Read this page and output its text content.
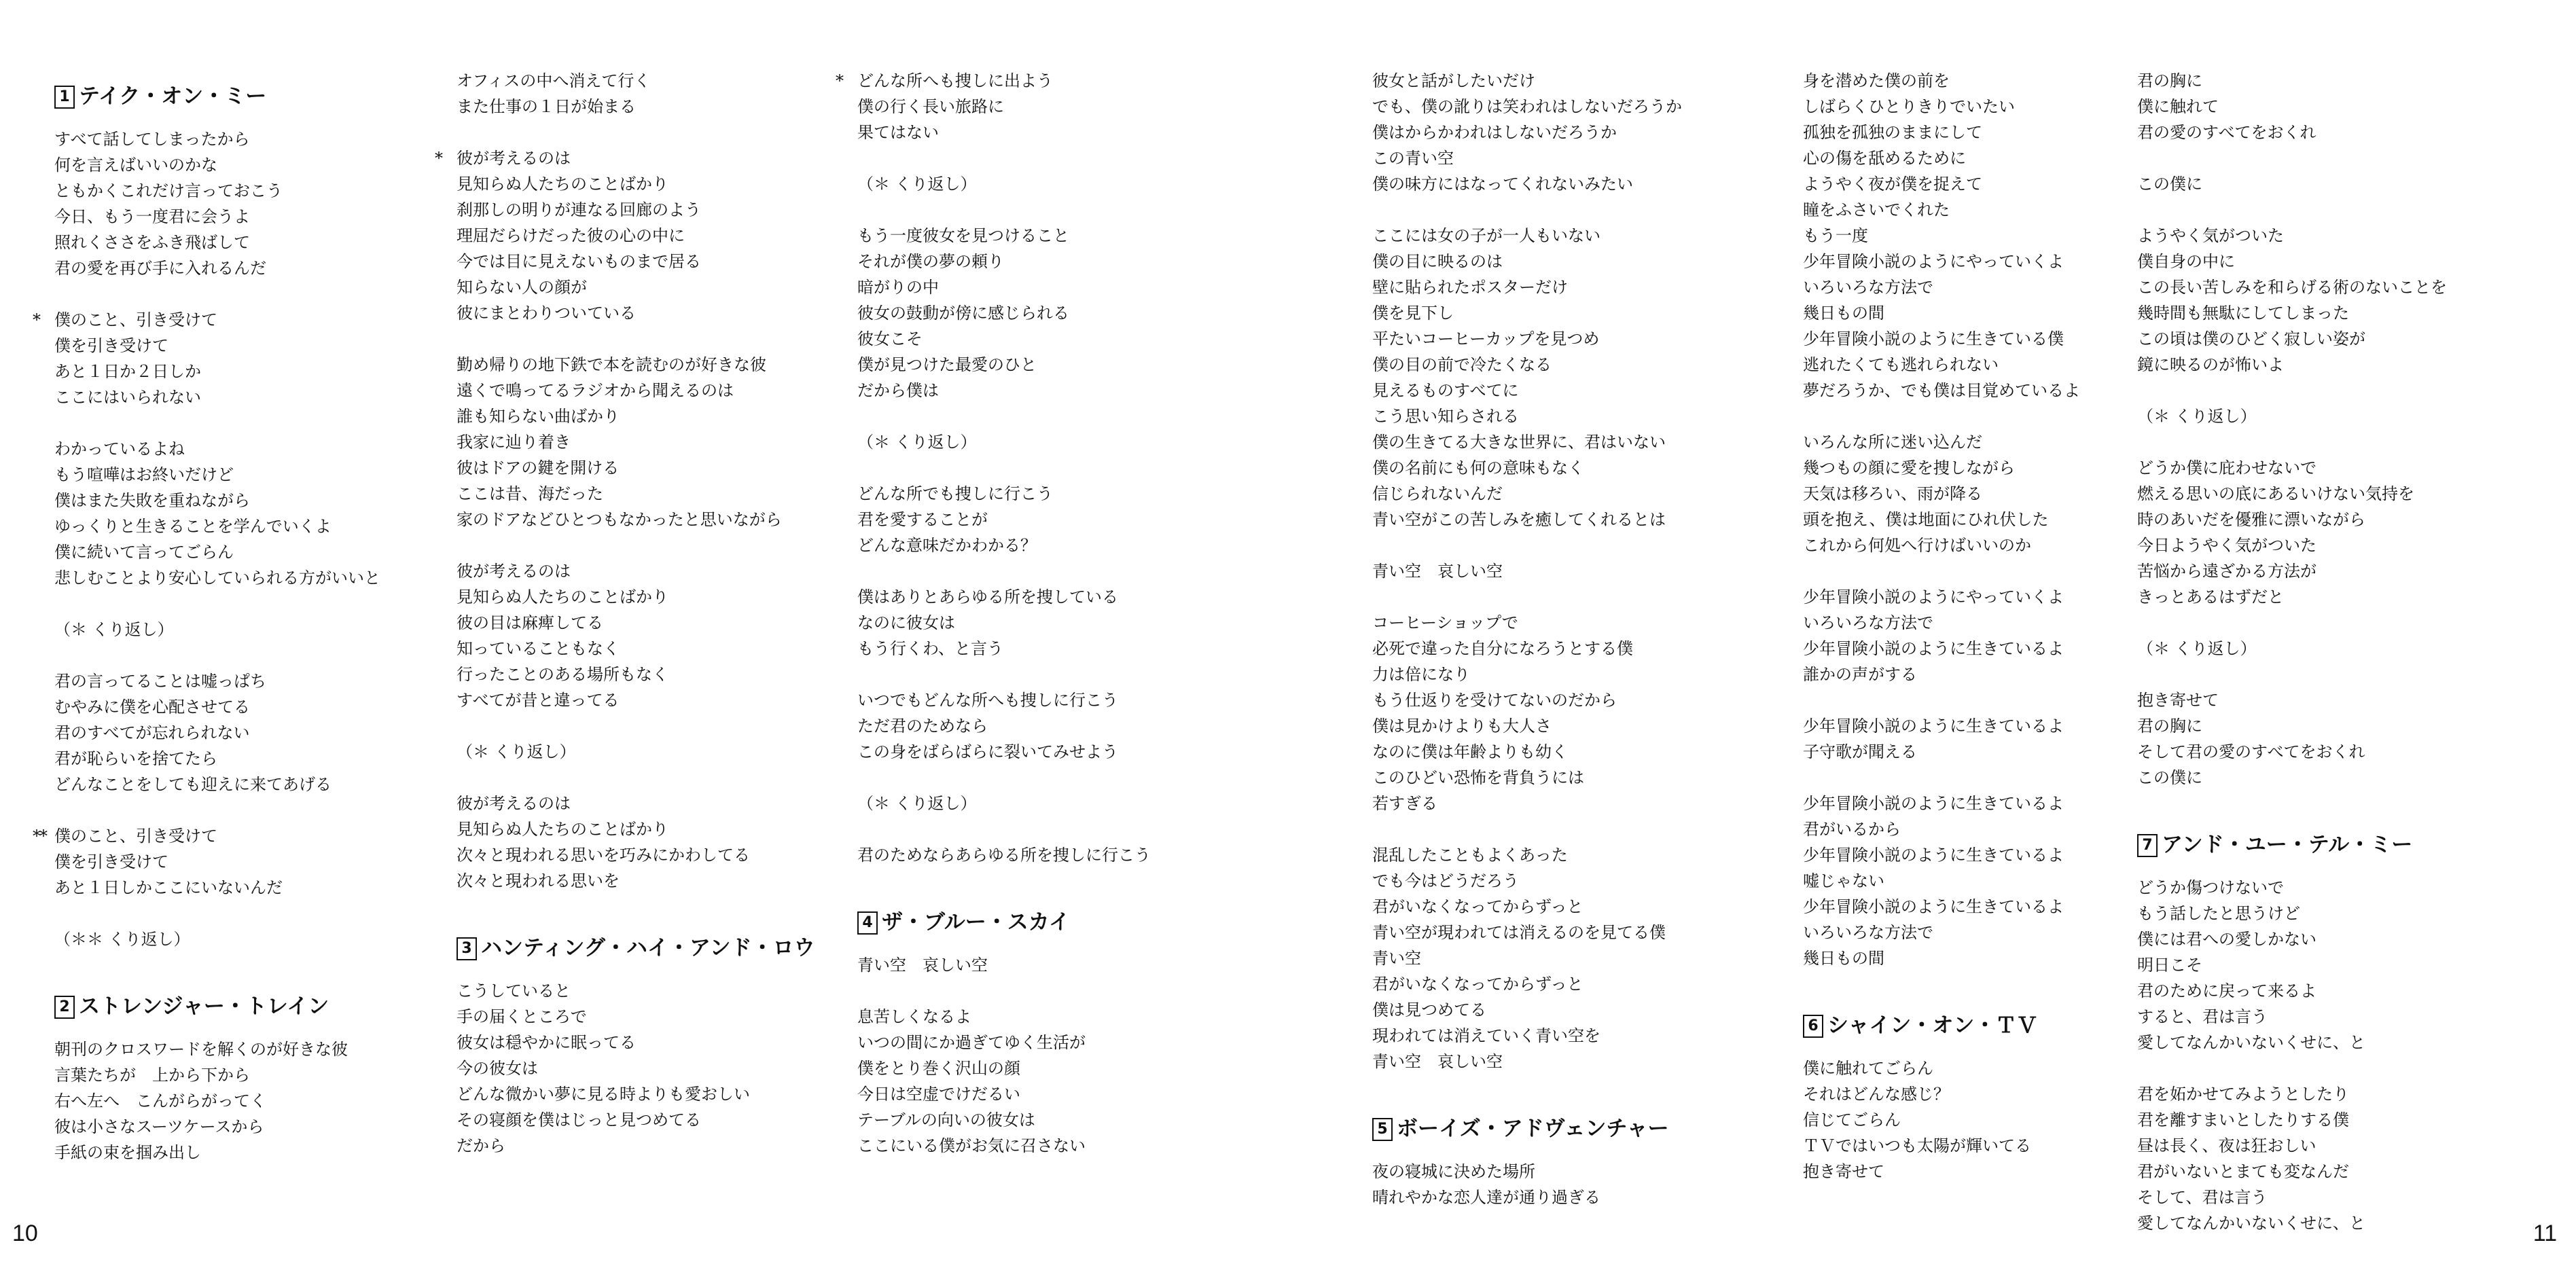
1 テイク・オン・ミー
すべて話してしまったから
何を言えばいいのかな
ともかくこれだけ言っておこう
今日、もう一度君に会うよ
照れくささをふき飛ばして
君の愛を再び手に入れるんだ
* 僕のこと、引き受けて
僕を引き受けて
あと１日か２日しか
ここにはいられない
わかっているよね
もう喧嘩はお終いだけど
僕はまた失敗を重ねながら
ゆっくりと生きることを学んでいくよ
僕に続いて言ってごらん
悲しむことより安心していられる方がいいと
（＊ くり返し）
君の言ってることは嘘っぱち
むやみに僕を心配させてる
君のすべてが忘れられない
君が恥らいを捨てたら
どんなことをしても迎えに来てあげる
** 僕のこと、引き受けて
僕を引き受けて
あと１日しかここにいないんだ
（＊＊ くり返し）
2 ストレンジャー・トレイン
朝刊のクロスワードを解くのが好きな彼
言葉たちが　上から下から
右へ左へ　こんがらがってく
彼は小さなスーツケースから
手紙の束を掴み出し
オフィスの中へ消えて行く
また仕事の１日が始まる
* 彼が考えるのは
見知らぬ人たちのことばかり
刹那しの明りが連なる回廊のよう
理屈だらけだった彼の心の中に
今では目に見えないものまで居る
知らない人の顔が
彼にまとわりついている
勤め帰りの地下鉄で本を読むのが好きな彼
遠くで鳴ってるラジオから聞えるのは
誰も知らない曲ばかり
我家に辿り着き
彼はドアの鍵を開ける
ここは昔、海だった
家のドアなどひとつもなかったと思いながら
彼が考えるのは
見知らぬ人たちのことばかり
彼の目は麻痺してる
知っていることもなく
行ったことのある場所もなく
すべてが昔と違ってる
（＊ くり返し）
彼が考えるのは
見知らぬ人たちのことばかり
次々と現われる思いを巧みにかわしてる
次々と現われる思いを
3 ハンティング・ハイ・アンド・ロウ
こうしていると
手の届くところで
彼女は穏やかに眠ってる
今の彼女は
どんな微かい夢に見る時よりも愛おしい
その寝顔を僕はじっと見つめてる
だから
* どんな所へも捜しに出よう
僕の行く長い旅路に
果てはない
（＊ くり返し）
もう一度彼女を見つけること
それが僕の夢の頼り
暗がりの中
彼女の鼓動が傍に感じられる
彼女こそ
僕が見つけた最愛のひと
だから僕は
（＊ くり返し）
どんな所でも捜しに行こう
君を愛することが
どんな意味だかわかる？
僕はありとあらゆる所を捜している
なのに彼女は
もう行くわ、と言う
いつでもどんな所へも捜しに行こう
ただ君のためなら
この身をばらばらに裂いてみせよう
（＊ くり返し）
君のためならあらゆる所を捜しに行こう
4 ザ・ブルー・スカイ
青い空　哀しい空
息苦しくなるよ
いつの間にか過ぎてゆく生活が
僕をとり巻く沢山の顔
今日は空虚でけだるい
テーブルの向いの彼女は
ここにいる僕がお気に召さない
10
彼女と話がしたいだけ
でも、僕の訛りは笑われはしないだろうか
僕はからかわれはしないだろうか
この青い空
僕の味方にはなってくれないみたい
ここには女の子が一人もいない
僕の目に映るのは
壁に貼られたポスターだけ
僕を見下し
平たいコーヒーカップを見つめ
僕の目の前で冷たくなる
見えるものすべてに
こう思い知らされる
僕の生きてる大きな世界に、君はいない
僕の名前にも何の意味もなく
信じられないんだ
青い空がこの苦しみを癒してくれるとは
青い空　哀しい空
コーヒーショップで
必死で違った自分になろうとする僕
力は倍になり
もう仕返りを受けてないのだから
僕は見かけよりも大人さ
なのに僕は年齢よりも幼く
このひどい恐怖を背負うには
若すぎる
混乱したこともよくあった
でも今はどうだろう
君がいなくなってからずっと
青い空が現われては消えるのを見てる僕
青い空
君がいなくなってからずっと
僕は見つめてる
現われては消えていく青い空を
青い空　哀しい空
5 ボーイズ・アドヴェンチャー
夜の寝城に決めた場所
晴れやかな恋人達が通り過ぎる
身を潜めた僕の前を
しばらくひとりきりでいたい
孤独を孤独のままにして
心の傷を舐めるために
ようやく夜が僕を捉えて
瞳をふさいでくれた
もう一度
少年冒険小説のようにやっていくよ
いろいろな方法で
幾日もの間
少年冒険小説のように生きている僕
逃れたくても逃れられない
夢だろうか、でも僕は目覚めているよ
いろんな所に迷い込んだ
幾つもの顔に愛を捜しながら
天気は移ろい、雨が降る
頭を抱え、僕は地面にひれ伏した
これから何処へ行けばいいのか
少年冒険小説のようにやっていくよ
いろいろな方法で
少年冒険小説のように生きているよ
誰かの声がする
少年冒険小説のように生きているよ
子守歌が聞える
少年冒険小説のように生きているよ
君がいるから
少年冒険小説のように生きているよ
嘘じゃない
少年冒険小説のように生きているよ
いろいろな方法で
幾日もの間
6 シャイン・オン・ＴＶ
僕に触れてごらん
それはどんな感じ？
信じてごらん
ＴＶではいつも太陽が輝いてる
抱き寄せて
君の胸に
僕に触れて
君の愛のすべてをおくれ
この僕に
ようやく気がついた
僕自身の中に
この長い苦しみを和らげる術のないことを
幾時間も無駄にしてしまった
この頃は僕のひどく寂しい姿が
鏡に映るのが怖いよ
（＊ くり返し）
どうか僕に庇わせないで
燃える思いの底にあるいけない気持を
時のあいだを優雅に漂いながら
今日ようやく気がついた
苦悩から遠ざかる方法が
きっとあるはずだと
（＊ くり返し）
抱き寄せて
君の胸に
そして君の愛のすべてをおくれ
この僕に
7 アンド・ユー・テル・ミー
どうか傷つけないで
もう話したと思うけど
僕には君への愛しかない
明日こそ
君のために戻って来るよ
すると、君は言う
愛してなんかいないくせに、と
君を妬かせてみようとしたり
君を離すまいとしたりする僕
昼は長く、夜は狂おしい
君がいないとまても変なんだ
そして、君は言う
愛してなんかいないくせに、と	11
